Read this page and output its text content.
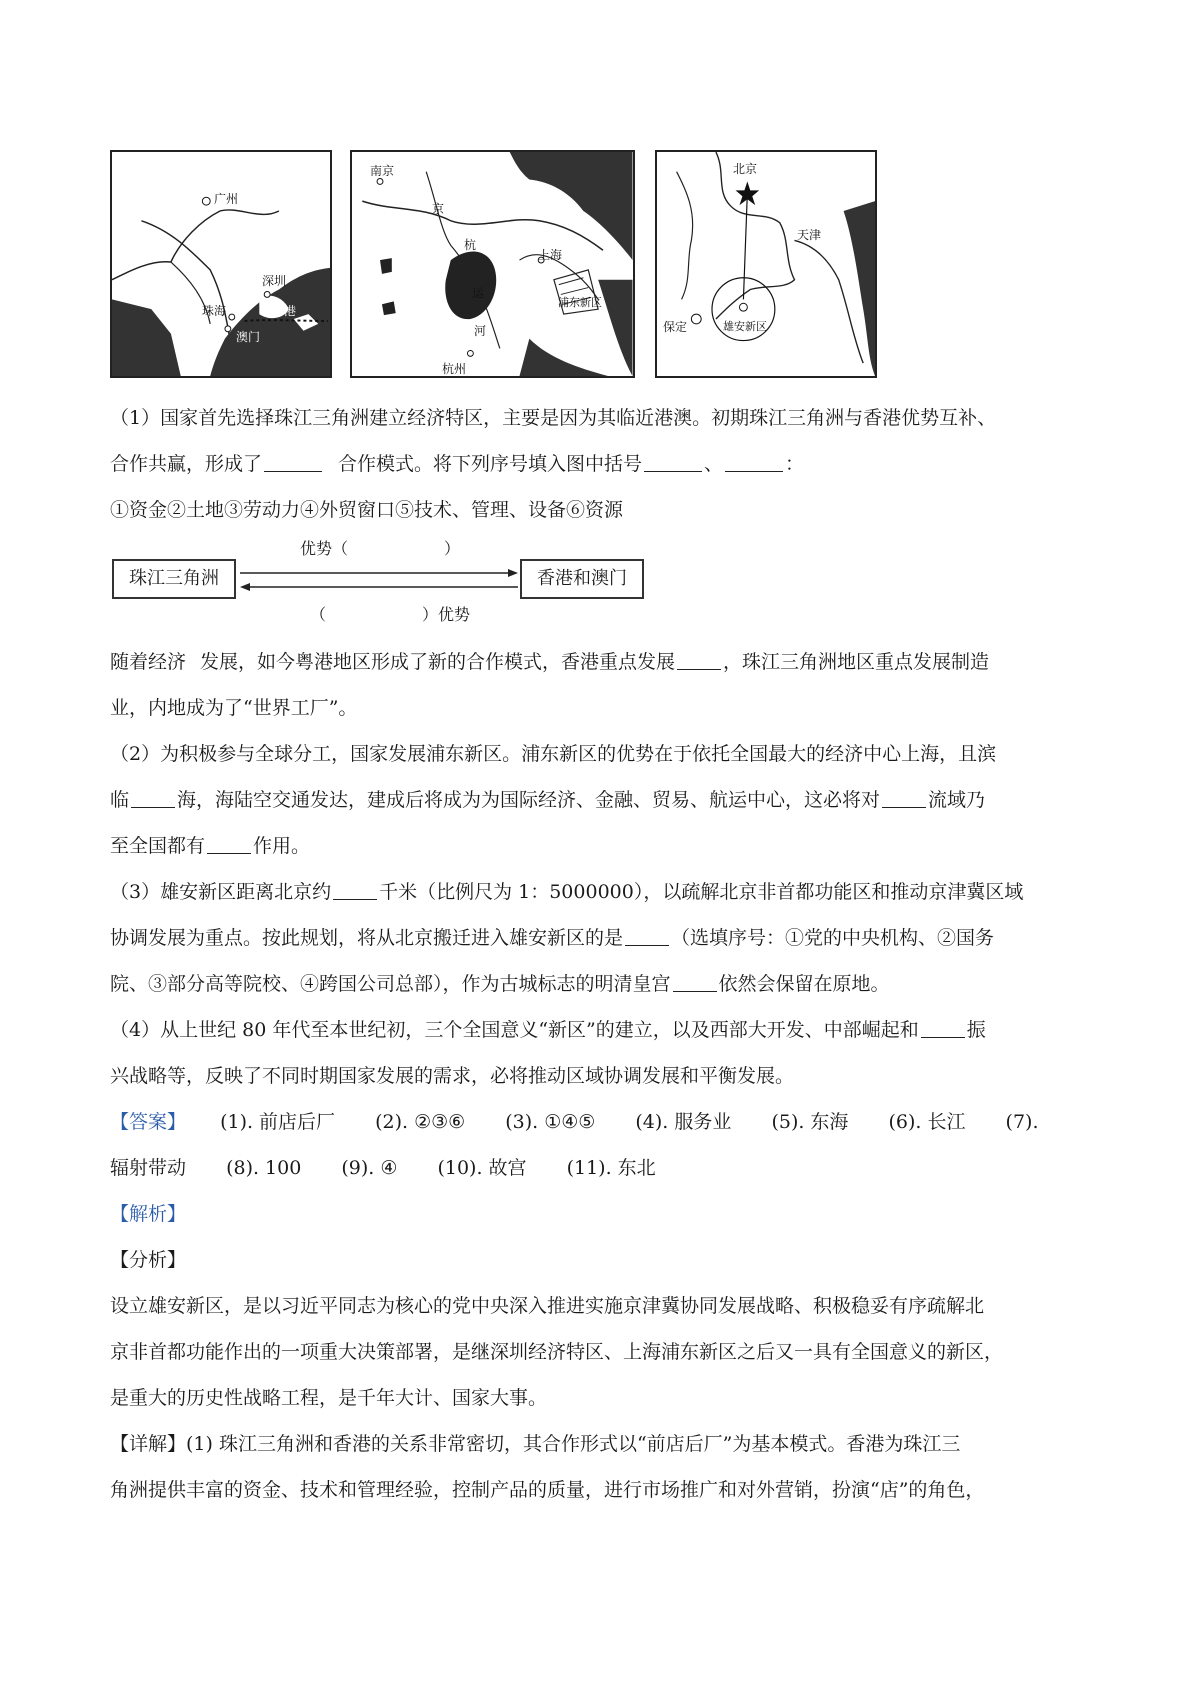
广州
深圳
香港
珠海
澳门
南京
京
杭
运
河
上海
杭州
浦东新区
北京
天津
保定	雄安新区
（1）国家首先选择珠江三角洲建立经济特区，主要是因为其临近港澳。初期珠江三角洲与香港优势互补、
合作共赢，形成了	合作模式。将下列序号填入图中括号	、	：
①资金②土地③劳动力④外贸窗口⑤技术、管理、设备⑥资源
珠江三角洲	香港和澳门
优势（　　　　　　）
（　　　　　　）优势
随着经济 发展，如今粤港地区形成了新的合作模式，香港重点发展	，珠江三角洲地区重点发展制造
业，内地成为了“世界工厂”。
（2）为积极参与全球分工，国家发展浦东新区。浦东新区的优势在于依托全国最大的经济中心上海，且滨
临	海，海陆空交通发达，建成后将成为为国际经济、金融、贸易、航运中心，这必将对	流域乃
至全国都有	作用。
（3）雄安新区距离北京约	千米（比例尺为 1：5000000），以疏解北京非首都功能区和推动京津冀区域
协调发展为重点。按此规划，将从北京搬迁进入雄安新区的是	（选填序号：①党的中央机构、②国务
院、③部分高等院校、④跨国公司总部），作为古城标志的明清皇宫	依然会保留在原地。
（4）从上世纪 80 年代至本世纪初，三个全国意义“新区”的建立，以及西部大开发、中部崛起和	振
兴战略等，反映了不同时期国家发展的需求，必将推动区域协调发展和平衡发展。
【答案】 (1). 前店后厂 (2). ②③⑥ (3). ①④⑤ (4). 服务业 (5). 东海 (6). 长江 (7).
辐射带动 (8). 100 (9). ④ (10). 故宫 (11). 东北
【解析】
【分析】
设立雄安新区，是以习近平同志为核心的党中央深入推进实施京津冀协同发展战略、积极稳妥有序疏解北
京非首都功能作出的一项重大决策部署，是继深圳经济特区、上海浦东新区之后又一具有全国意义的新区，
是重大的历史性战略工程，是千年大计、国家大事。
【详解】(1) 珠江三角洲和香港的关系非常密切，其合作形式以“前店后厂”为基本模式。香港为珠江三
角洲提供丰富的资金、技术和管理经验，控制产品的质量，进行市场推广和对外营销，扮演“店”的角色，
